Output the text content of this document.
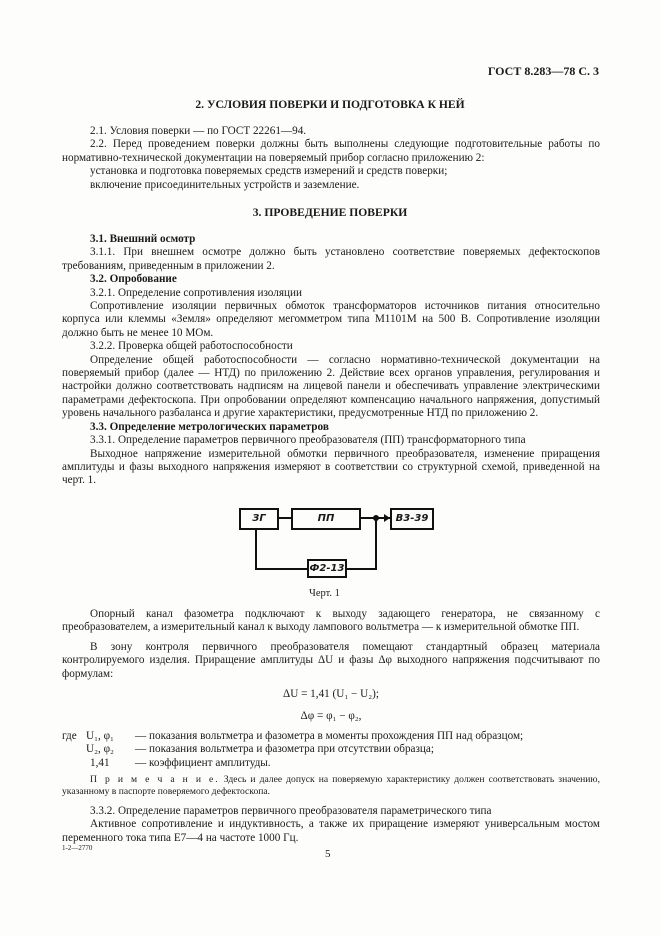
ГОСТ 8.283—78 С. 3
2. УСЛОВИЯ ПОВЕРКИ И ПОДГОТОВКА К НЕЙ

2.1. Условия поверки — по ГОСТ 22261—94.

2.2. Перед проведением поверки должны быть выполнены следующие подготовительные работы по нормативно-технической документации на поверяемый прибор согласно приложению 2:

установка и подготовка поверяемых средств измерений и средств поверки;

включение присоединительных устройств и заземление.

3. ПРОВЕДЕНИЕ ПОВЕРКИ

3.1. Внешний осмотр

3.1.1. При внешнем осмотре должно быть установлено соответствие поверяемых дефектоскопов требованиям, приведенным в приложении 2.

3.2. Опробование

3.2.1. Определение сопротивления изоляции

Сопротивление изоляции первичных обмоток трансформаторов источников питания относительно корпуса или клеммы «Земля» определяют мегомметром типа М1101М на 500 В. Сопротивление изоляции должно быть не менее 10 МОм.

3.2.2. Проверка общей работоспособности

Определение общей работоспособности — согласно нормативно-технической документации на поверяемый прибор (далее — НТД) по приложению 2. Действие всех органов управления, регулирования и настройки должно соответствовать надписям на лицевой панели и обеспечивать управление электрическими параметрами дефектоскопа. При опробовании определяют компенсацию начального напряжения, допустимый уровень начального разбаланса и другие характеристики, предусмотренные НТД по приложению 2.

3.3. Определение метрологических параметров

3.3.1. Определение параметров первичного преобразователя (ПП) трансформаторного типа

Выходное напряжение измерительной обмотки первичного преобразователя, изменение приращения амплитуды и фазы выходного напряжения измеряют в соответствии со структурной схемой, приведенной на черт. 1.

ЗГ	ПП	В3-39
Ф2-13
Черт. 1

Опорный канал фазометра подключают к выходу задающего генератора, не связанному с преобразователем, а измерительный канал к выходу лампового вольтметра — к измерительной обмотке ПП.

В зону контроля первичного преобразователя помещают стандартный образец материала контролируемого изделия. Приращение амплитуды ΔU и фазы Δφ выходного напряжения подсчитывают по формулам:

ΔU = 1,41 (U₁ − U₂);
Δφ = φ₁ − φ₂,
где U₁, φ₁ — показания вольтметра и фазометра в моменты прохождения ПП над образцом;
U₂, φ₂ — показания вольтметра и фазометра при отсутствии образца;
1,41 — коэффициент амплитуды.

П р и м е ч а н и е. Здесь и далее допуск на поверяемую характеристику должен соответствовать значению, указанному в паспорте поверяемого дефектоскопа.

3.3.2. Определение параметров первичного преобразователя параметрического типа

Активное сопротивление и индуктивность, а также их приращение измеряют универсальным мостом переменного тока типа Е7—4 на частоте 1000 Гц.

1-2—2770	5
